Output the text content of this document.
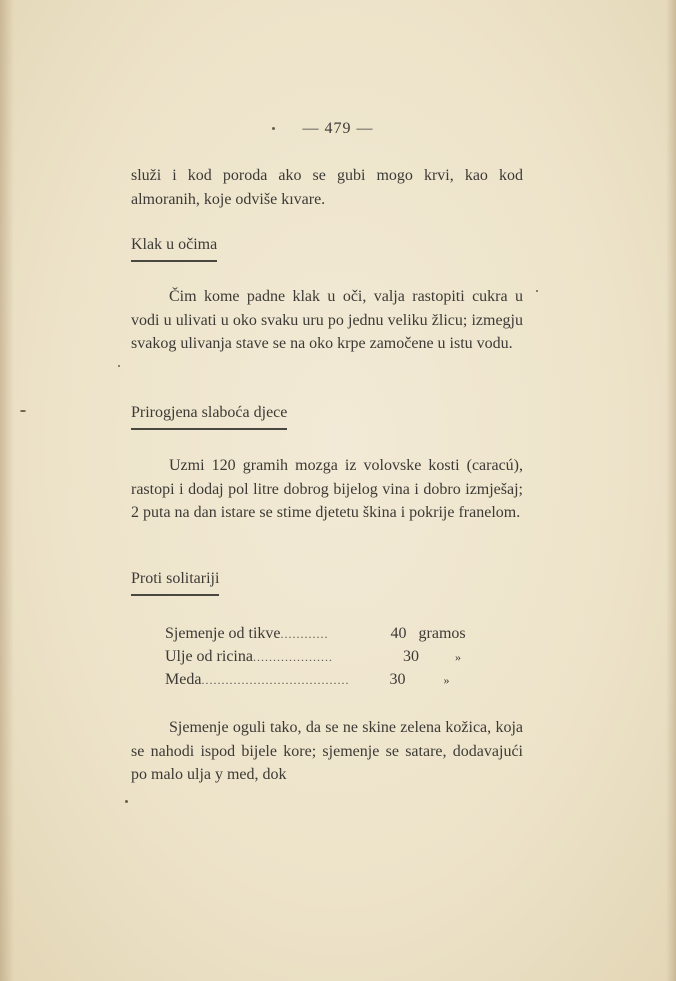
— 479 —

služi i kod poroda ako se gubi mogo krvi, kao kod almoranih, koje odviše kıvare.

Klak u očima

Čim kome padne klak u oči, valja rastopiti cukra u vodi u ulivati u oko svaku uru po jednu veliku žlicu; izmegju svakog ulivanja stave se na oko krpe zamočene u istu vodu.

Prirogjena slaboća djece

Uzmi 120 gramih mozga iz volovske kosti (caracú), rastopi i dodaj pol litre dobrog bijelog vina i dobro izmješaj; 2 puta na dan istare se stime djetetu škina i pokrije franelom.

Proti solitariji
Sjemenje od tikve ............	40 gramos
Ulje od ricina ....................	30	»
Meda .....................................	30	»

Sjemenje oguli tako, da se ne skine zelena kožica, koja se nahodi ispod bijele kore; sjemenje se satare, dodavajući po malo ulja y med, dok
